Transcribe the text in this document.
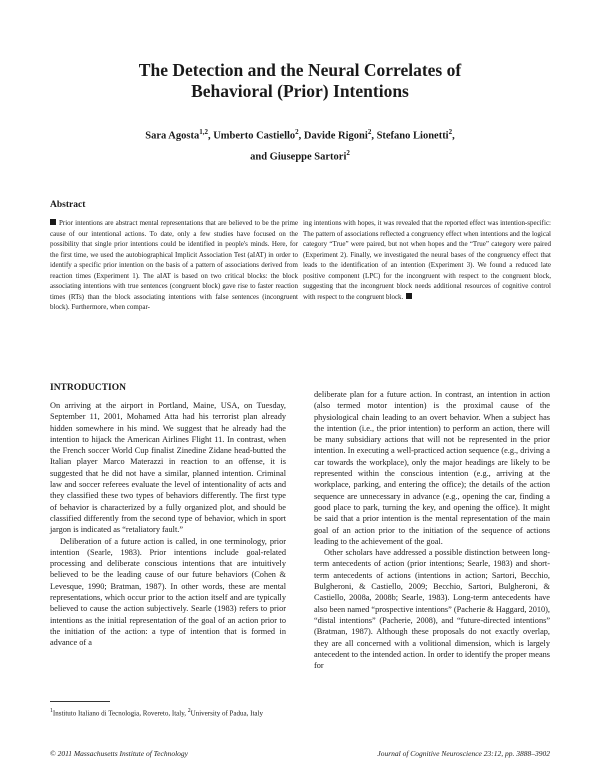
The Detection and the Neural Correlates of
Behavioral (Prior) Intentions
Sara Agosta$^{1,2}$, Umberto Castiello$^2$, Davide Rigoni$^2$, Stefano Lionetti$^2$,
and Giuseppe Sartori$^2$
Abstract
Prior intentions are abstract mental representations that are believed to be the prime cause of our intentional actions. To date, only a few studies have focused on the possibility that single prior intentions could be identified in people's minds. Here, for the first time, we used the autobiographical Implicit Association Test (aIAT) in order to identify a specific prior intention on the basis of a pattern of associations derived from reaction times (Experiment 1). The aIAT is based on two critical blocks: the block associating intentions with true sentences (congruent block) gave rise to faster reaction times (RTs) than the block associating intentions with false sentences (incongruent block). Furthermore, when compar-
ing intentions with hopes, it was revealed that the reported effect was intention-specific: The pattern of associations reflected a congruency effect when intentions and the logical category “True” were paired, but not when hopes and the “True” category were paired (Experiment 2). Finally, we investigated the neural bases of the congruency effect that leads to the identification of an intention (Experiment 3). We found a reduced late positive component (LPC) for the incongruent with respect to the congruent block, suggesting that the incongruent block needs additional resources of cognitive control with respect to the congruent block.
INTRODUCTION

On arriving at the airport in Portland, Maine, USA, on Tuesday, September 11, 2001, Mohamed Atta had his terrorist plan already hidden somewhere in his mind. We suggest that he already had the intention to hijack the American Airlines Flight 11. In contrast, when the French soccer World Cup finalist Zinedine Zidane head-butted the Italian player Marco Materazzi in reaction to an offense, it is suggested that he did not have a similar, planned intention. Criminal law and soccer referees evaluate the level of intentionality of acts and they classified these two types of behaviors differently. The first type of behavior is characterized by a fully organized plot, and should be classified differently from the second type of behavior, which in sport jargon is indicated as “retaliatory fault.”

Deliberation of a future action is called, in one terminology, prior intention (Searle, 1983). Prior intentions include goal-related processing and deliberate conscious intentions that are intuitively believed to be the leading cause of our future behaviors (Cohen & Levesque, 1990; Bratman, 1987). In other words, these are mental representations, which occur prior to the action itself and are typically believed to cause the action subjectively. Searle (1983) refers to prior intentions as the initial representation of the goal of an action prior to the initiation of the action: a type of intention that is formed in advance of a

deliberate plan for a future action. In contrast, an intention in action (also termed motor intention) is the proximal cause of the physiological chain leading to an overt behavior. When a subject has the intention (i.e., the prior intention) to perform an action, there will be many subsidiary actions that will not be represented in the prior intention. In executing a well-practiced action sequence (e.g., driving a car towards the workplace), only the major headings are likely to be represented within the conscious intention (e.g., arriving at the workplace, parking, and entering the office); the details of the action sequence are unnecessary in advance (e.g., opening the car, finding a good place to park, turning the key, and opening the office). It might be said that a prior intention is the mental representation of the main goal of an action prior to the initiation of the sequence of actions leading to the achievement of the goal.

Other scholars have addressed a possible distinction between long-term antecedents of action (prior intentions; Searle, 1983) and short-term antecedents of actions (intentions in action; Sartori, Becchio, Bulgheroni, & Castiello, 2009; Becchio, Sartori, Bulgheroni, & Castiello, 2008a, 2008b; Searle, 1983). Long-term antecedents have also been named “prospective intentions” (Pacherie & Haggard, 2010), “distal intentions” (Pacherie, 2008), and “future-directed intentions” (Bratman, 1987). Although these proposals do not exactly overlap, they are all concerned with a volitional dimension, which is largely antecedent to the intended action. In order to identify the proper means for

$^1$Instituto Italiano di Tecnologia, Rovereto, Italy, $^2$University of Padua, Italy
© 2011 Massachusetts Institute of Technology	Journal of Cognitive Neuroscience 23:12, pp. 3888–3902
